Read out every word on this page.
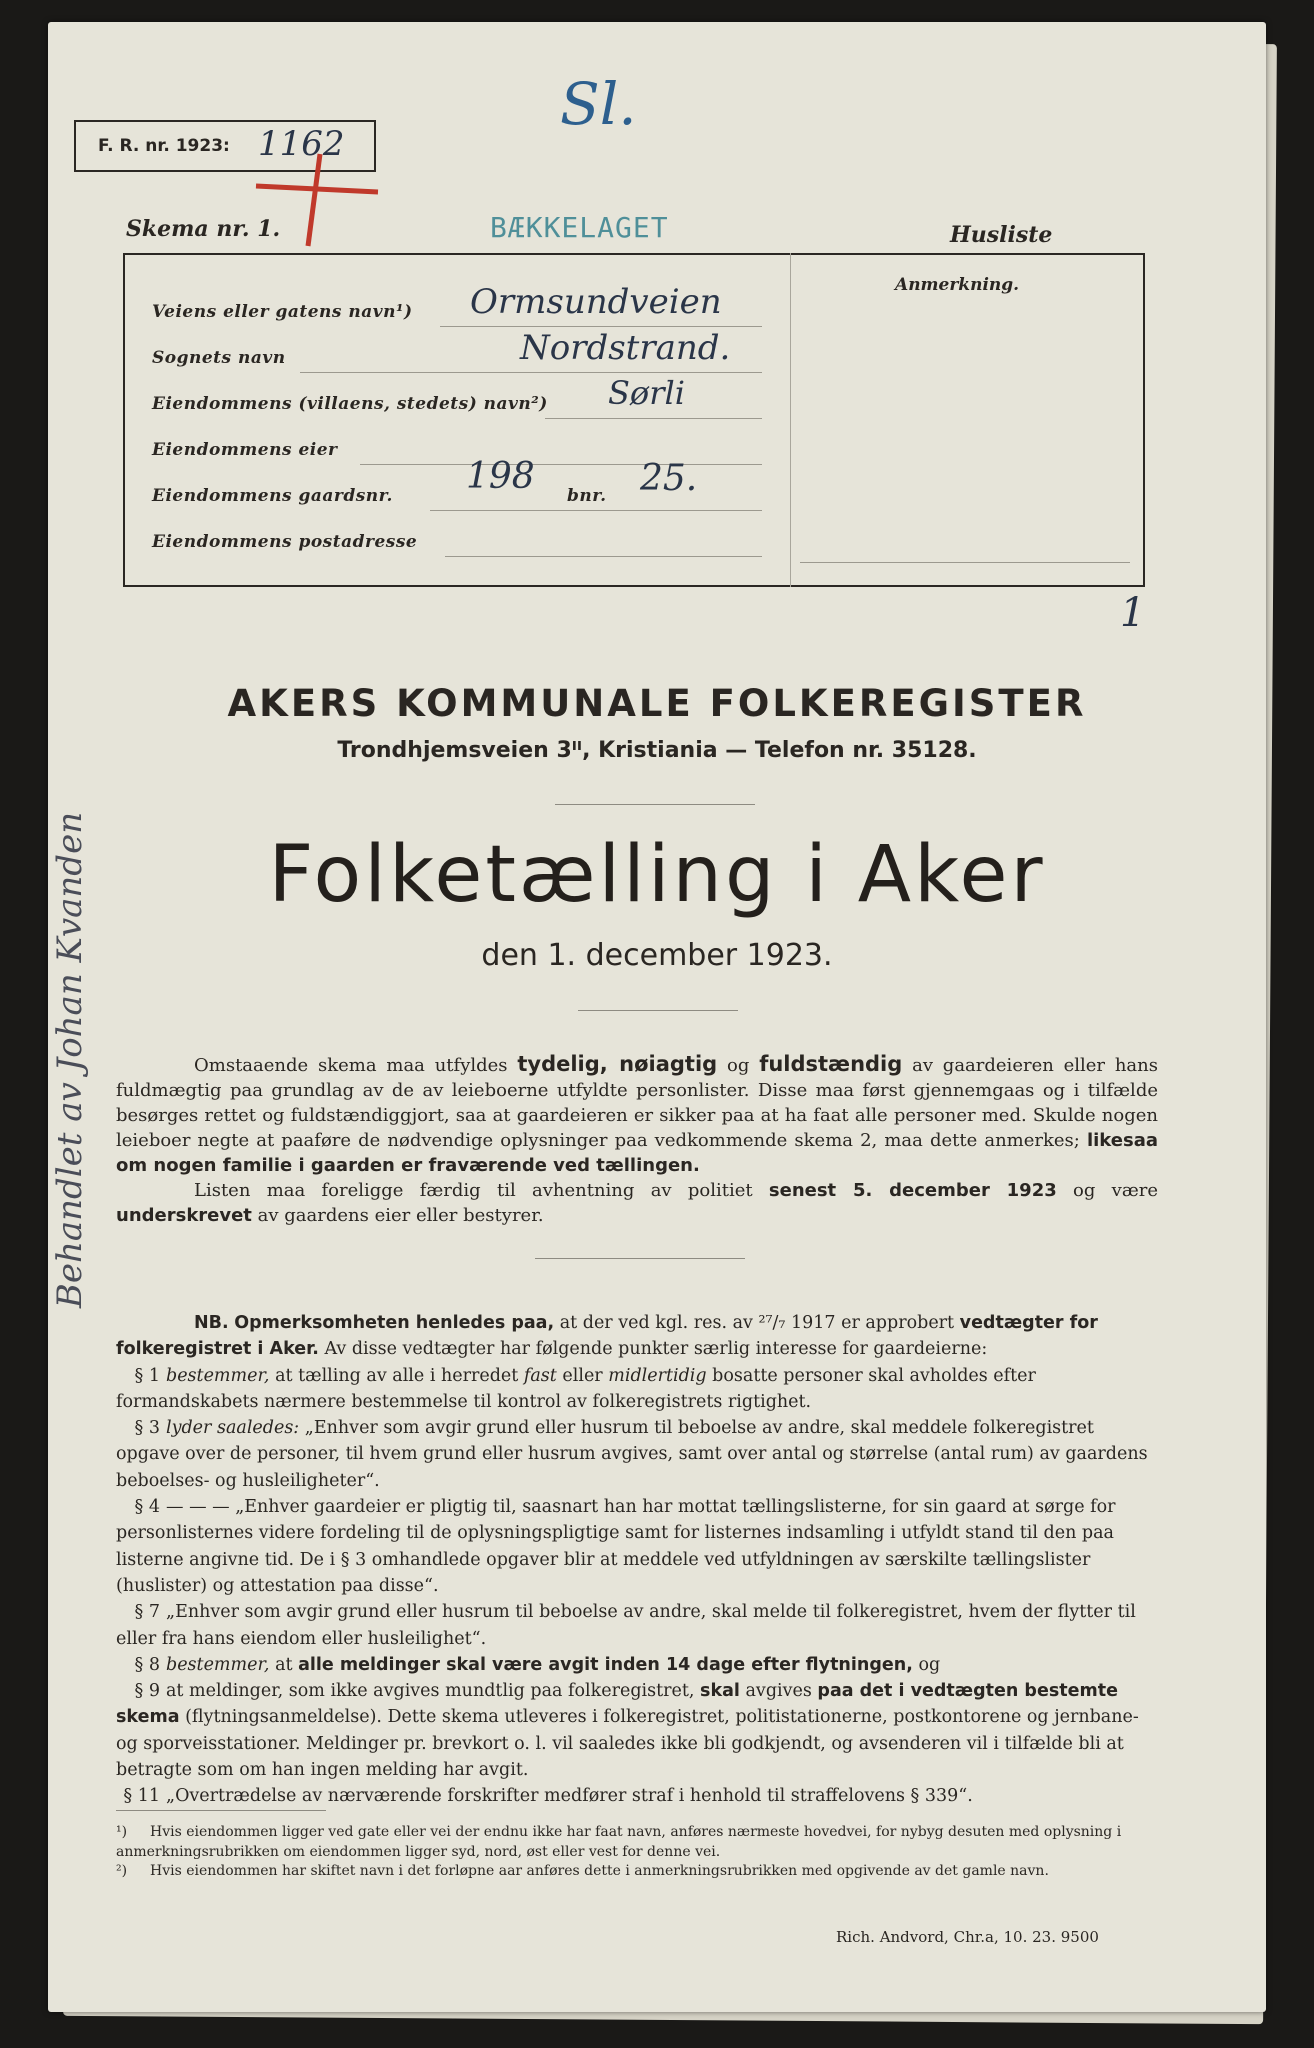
F. R. nr. 1923: 1162
Sl.
Skema nr. 1.	BÆKKELAGET	Husliste
1
Anmerkning.
Veiens eller gatens navn¹) Ormsundveien
Sognets navn	Nordstrand.
Eiendommens (villaens, stedets) navn²) Sørli
Eiendommens eier
Eiendommens gaardsnr. 198 bnr. 25.
Eiendommens postadresse
AKERS KOMMUNALE FOLKEREGISTER
Trondhjemsveien 3ᴵᴵ, Kristiania — Telefon nr. 35128.
Folketælling i Aker
den 1. december 1923.
Omstaaende skema maa utfyldes tydelig, nøiagtig og fuldstændig av gaardeieren eller hans fuldmægtig paa grundlag av de av leieboerne utfyldte personlister. Disse maa først gjennemgaas og i tilfælde besørges rettet og fuldstændiggjort, saa at gaardeieren er sikker paa at ha faat alle personer med. Skulde nogen leieboer negte at paaføre de nødvendige oplysninger paa vedkommende skema 2, maa dette anmerkes; likesaa om nogen familie i gaarden er fraværende ved tællingen.
Listen maa foreligge færdig til avhentning av politiet senest 5. december 1923 og være underskrevet av gaardens eier eller bestyrer.
NB. Opmerksomheten henledes paa, at der ved kgl. res. av ²⁷/₇ 1917 er approbert vedtægter for folkeregistret i Aker. Av disse vedtægter har følgende punkter særlig interesse for gaardeierne:
§ 1 bestemmer, at tælling av alle i herredet fast eller midlertidig bosatte personer skal avholdes efter formandskabets nærmere bestemmelse til kontrol av folkeregistrets rigtighet.
§ 3 lyder saaledes: „Enhver som avgir grund eller husrum til beboelse av andre, skal meddele folkeregistret opgave over de personer, til hvem grund eller husrum avgives, samt over antal og størrelse (antal rum) av gaardens beboelses- og husleiligheter“.
§ 4 — — — „Enhver gaardeier er pligtig til, saasnart han har mottat tællingslisterne, for sin gaard at sørge for personlisternes videre fordeling til de oplysningspligtige samt for listernes indsamling i utfyldt stand til den paa listerne angivne tid. De i § 3 omhandlede opgaver blir at meddele ved utfyldningen av særskilte tællingslister (huslister) og attestation paa disse“.
§ 7 „Enhver som avgir grund eller husrum til beboelse av andre, skal melde til folkeregistret, hvem der flytter til eller fra hans eiendom eller husleilighet“.
§ 8 bestemmer, at alle meldinger skal være avgit inden 14 dage efter flytningen, og
§ 9 at meldinger, som ikke avgives mundtlig paa folkeregistret, skal avgives paa det i vedtægten bestemte skema (flytningsanmeldelse). Dette skema utleveres i folkeregistret, politistationerne, postkontorene og jernbane- og sporveisstationer. Meldinger pr. brevkort o. l. vil saaledes ikke bli godkjendt, og avsenderen vil i tilfælde bli at betragte som om han ingen melding har avgit.
§ 11 „Overtrædelse av nærværende forskrifter medfører straf i henhold til straffelovens § 339“.
¹) Hvis eiendommen ligger ved gate eller vei der endnu ikke har faat navn, anføres nærmeste hovedvei, for nybyg desuten med oplysning i anmerkningsrubrikken om eiendommen ligger syd, nord, øst eller vest for denne vei.
²) Hvis eiendommen har skiftet navn i det forløpne aar anføres dette i anmerkningsrubrikken med opgivende av det gamle navn.
Rich. Andvord, Chr.a, 10. 23. 9500
Behandlet av Johan Kvanden
